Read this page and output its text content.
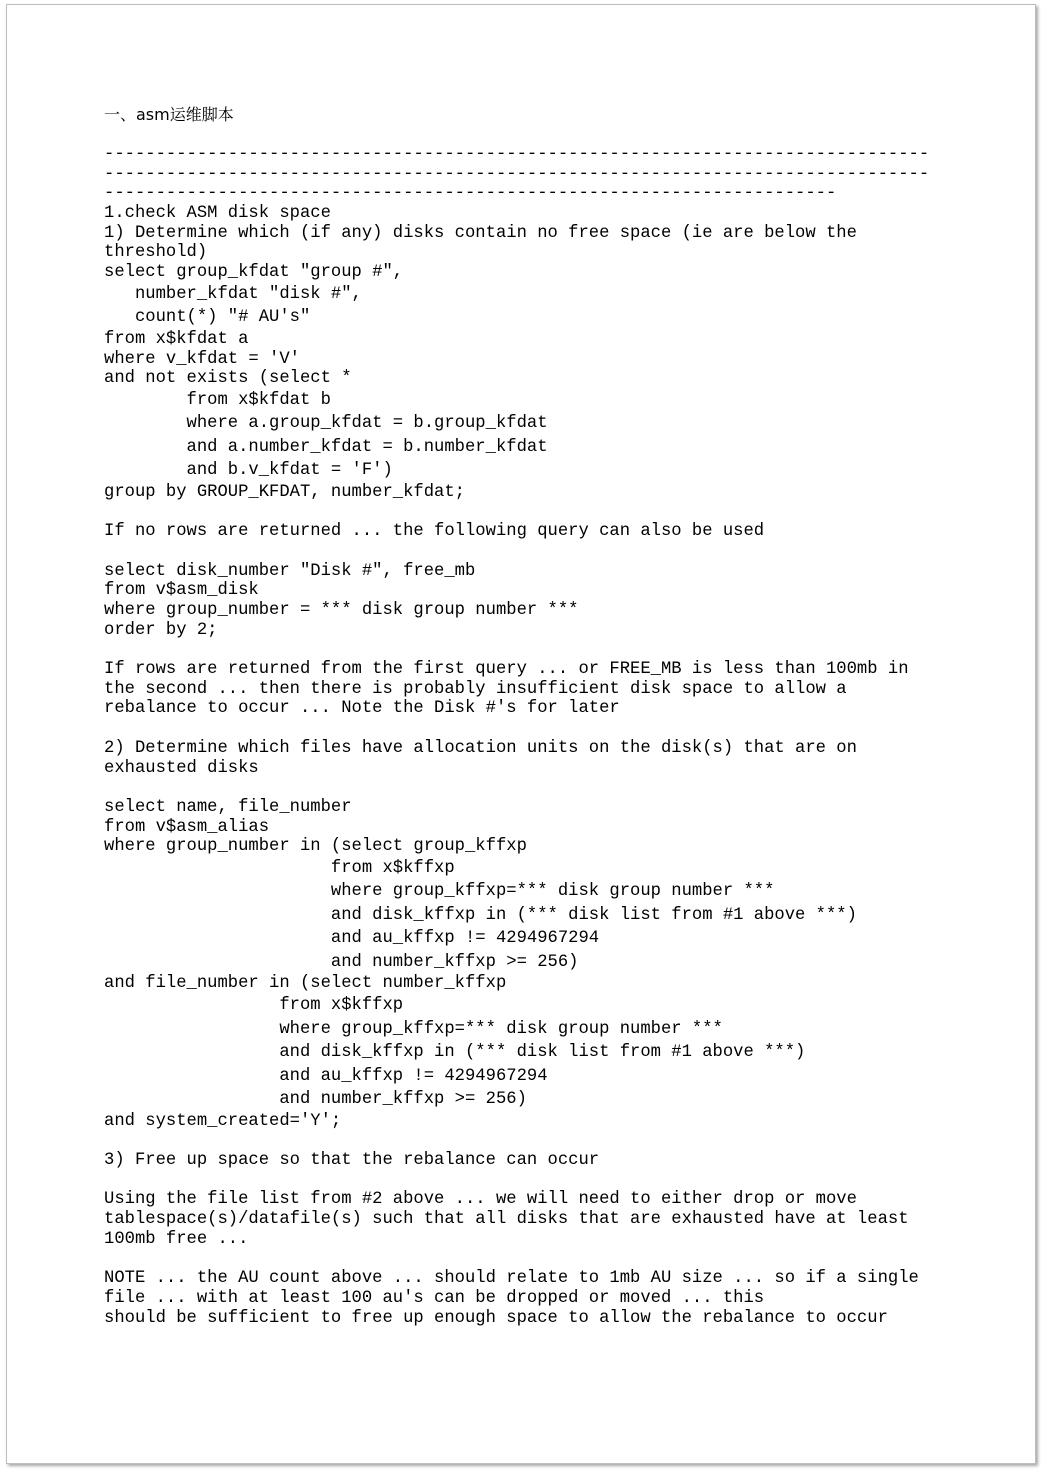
一、asm运维脚本
--------------------------------------------------------------------------------
--------------------------------------------------------------------------------
-----------------------------------------------------------------------
1.check ASM disk space
1) Determine which (if any) disks contain no free space (ie are below the
threshold)
select group_kfdat "group #",
number_kfdat "disk #",
count(*) "# AU's"
from x$kfdat a
where v_kfdat = 'V'
and not exists (select *
from x$kfdat b
where a.group_kfdat = b.group_kfdat
and a.number_kfdat = b.number_kfdat
and b.v_kfdat = 'F')
group by GROUP_KFDAT, number_kfdat;
If no rows are returned ... the following query can also be used
select disk_number "Disk #", free_mb
from v$asm_disk
where group_number = *** disk group number ***
order by 2;
If rows are returned from the first query ... or FREE_MB is less than 100mb in
the second ... then there is probably insufficient disk space to allow a
rebalance to occur ... Note the Disk #'s for later
2) Determine which files have allocation units on the disk(s) that are on
exhausted disks
select name, file_number
from v$asm_alias
where group_number in (select group_kffxp
from x$kffxp
where group_kffxp=*** disk group number ***
and disk_kffxp in (*** disk list from #1 above ***)
and au_kffxp != 4294967294
and number_kffxp >= 256)
and file_number in (select number_kffxp
from x$kffxp
where group_kffxp=*** disk group number ***
and disk_kffxp in (*** disk list from #1 above ***)
and au_kffxp != 4294967294
and number_kffxp >= 256)
and system_created='Y';
3) Free up space so that the rebalance can occur
Using the file list from #2 above ... we will need to either drop or move
tablespace(s)/datafile(s) such that all disks that are exhausted have at least
100mb free ...
NOTE ... the AU count above ... should relate to 1mb AU size ... so if a single
file ... with at least 100 au's can be dropped or moved ... this
should be sufficient to free up enough space to allow the rebalance to occur
